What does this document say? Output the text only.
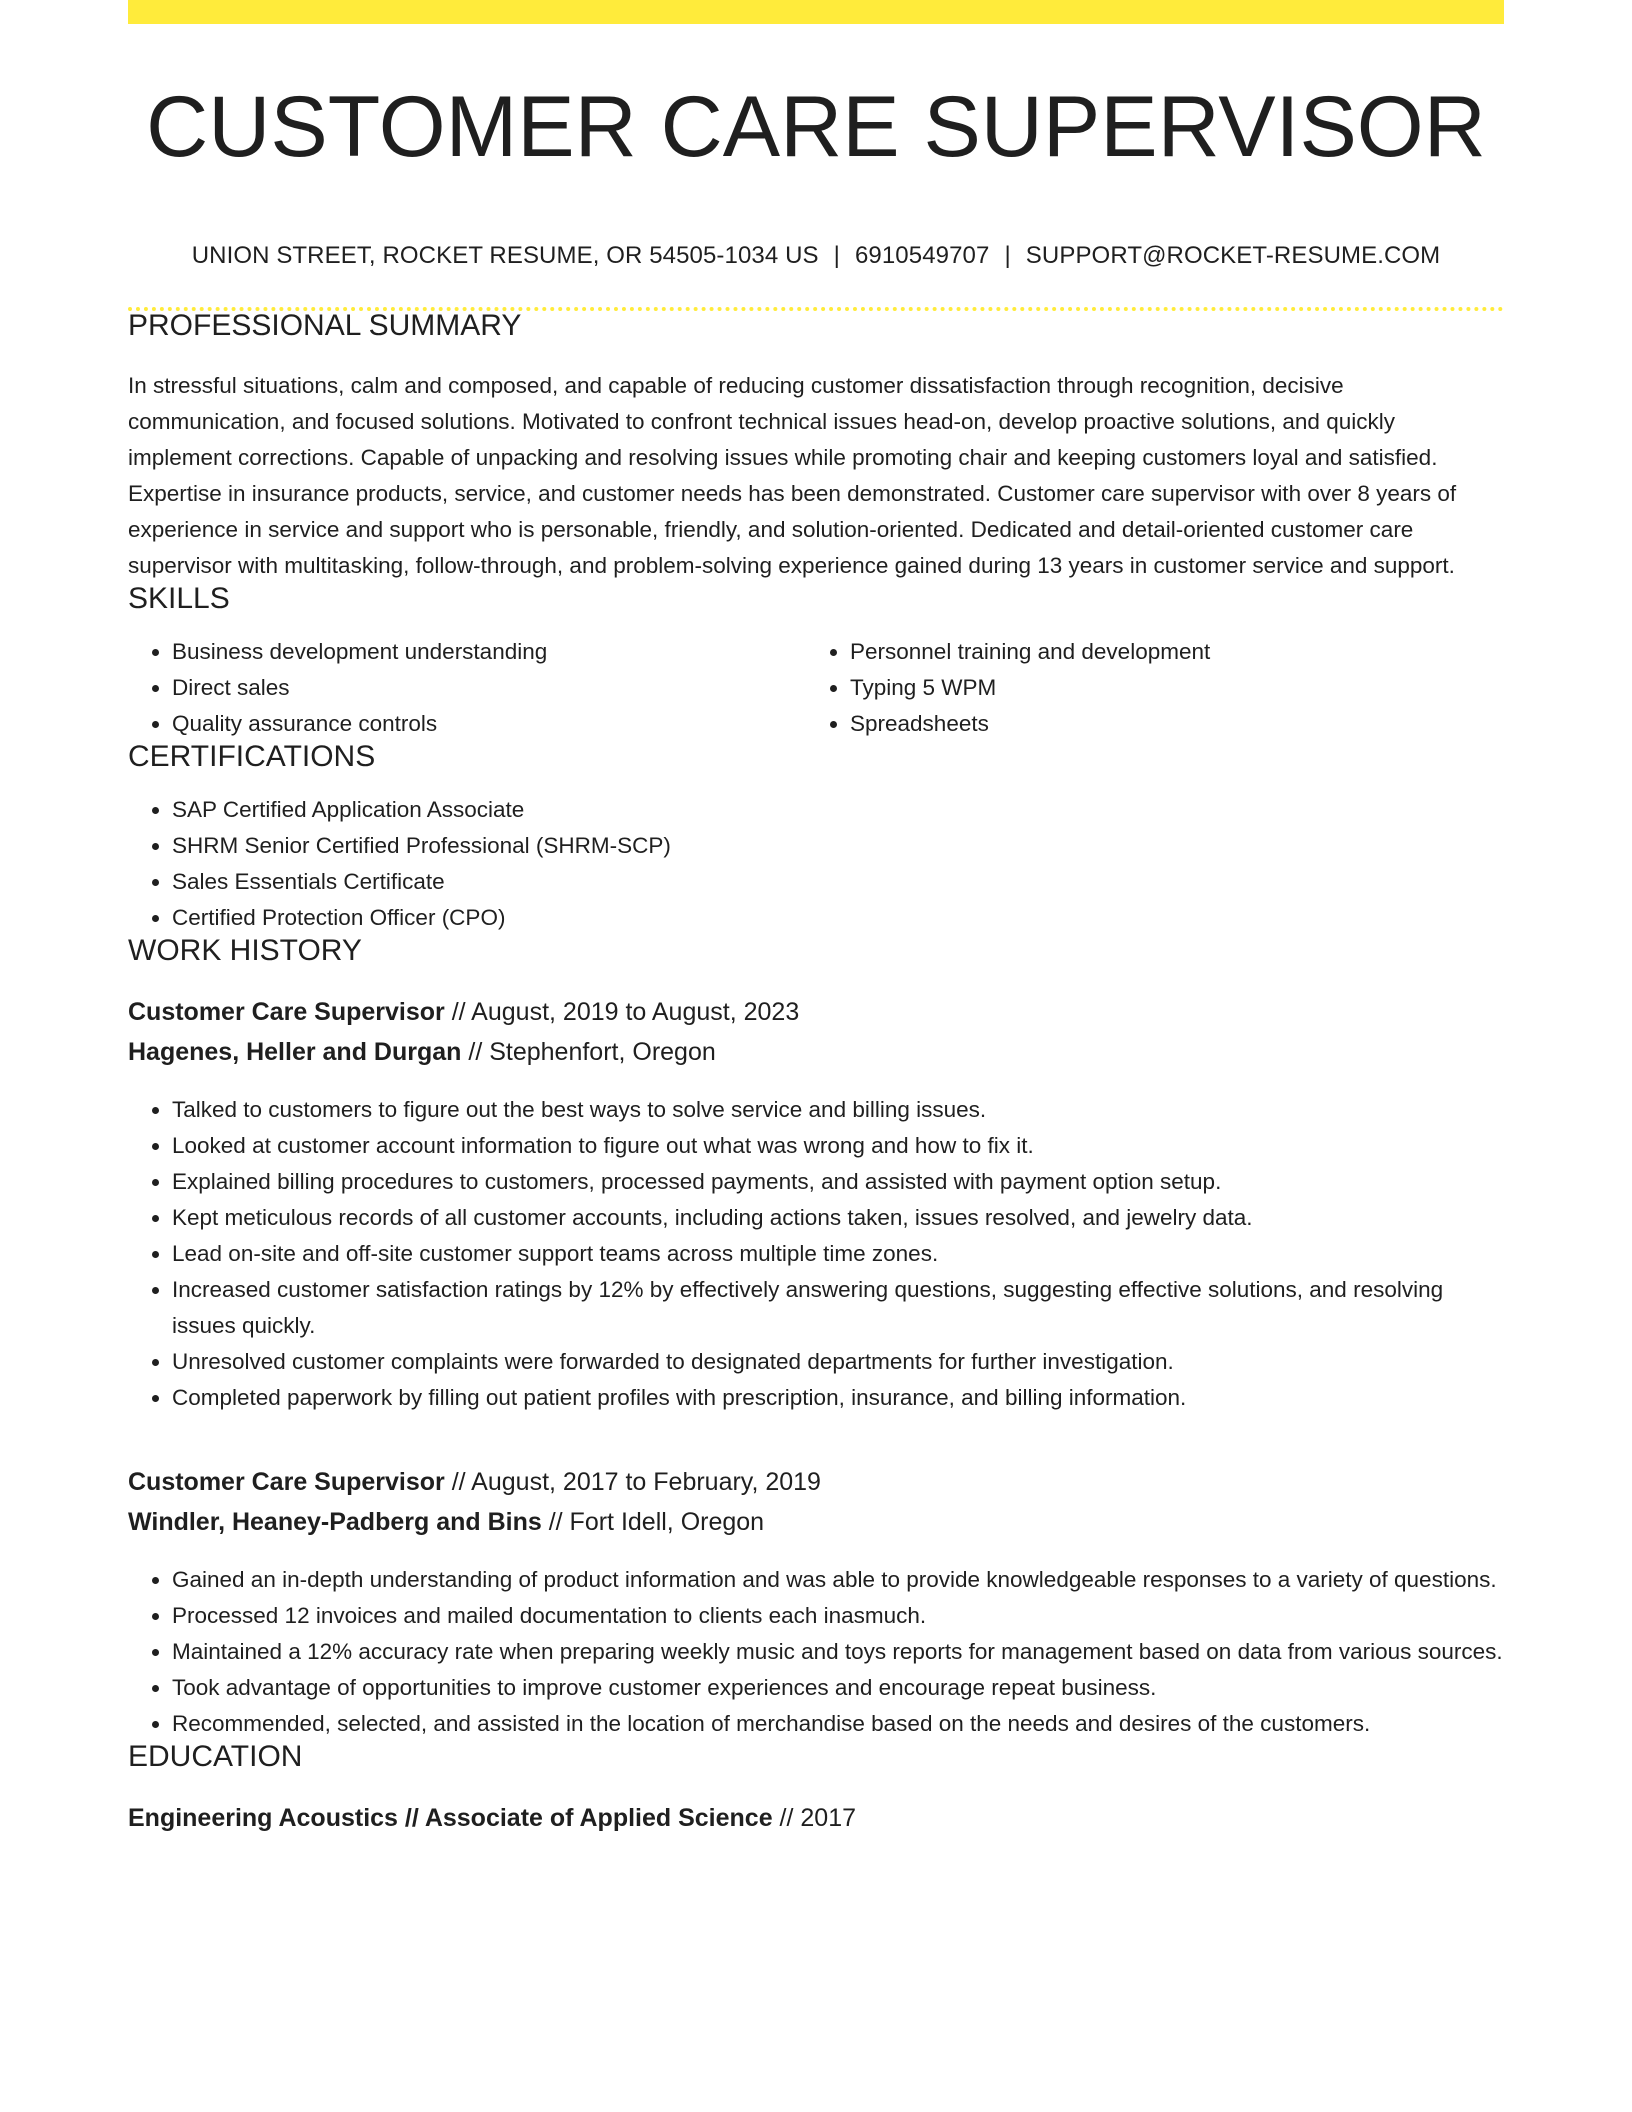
CUSTOMER CARE SUPERVISOR
UNION STREET, ROCKET RESUME, OR 54505-1034 US | 6910549707 | SUPPORT@ROCKET-RESUME.COM
PROFESSIONAL SUMMARY
In stressful situations, calm and composed, and capable of reducing customer dissatisfaction through recognition, decisive communication, and focused solutions. Motivated to confront technical issues head-on, develop proactive solutions, and quickly implement corrections. Capable of unpacking and resolving issues while promoting chair and keeping customers loyal and satisfied. Expertise in insurance products, service, and customer needs has been demonstrated. Customer care supervisor with over 8 years of experience in service and support who is personable, friendly, and solution-oriented. Dedicated and detail-oriented customer care supervisor with multitasking, follow-through, and problem-solving experience gained during 13 years in customer service and support.
SKILLS
• Business development understanding
• Direct sales
• Quality assurance controls
• Personnel training and development
• Typing 5 WPM
• Spreadsheets
CERTIFICATIONS
• SAP Certified Application Associate
• SHRM Senior Certified Professional (SHRM-SCP)
• Sales Essentials Certificate
• Certified Protection Officer (CPO)
WORK HISTORY
Customer Care Supervisor // August, 2019 to August, 2023
Hagenes, Heller and Durgan // Stephenfort, Oregon
• Talked to customers to figure out the best ways to solve service and billing issues.
• Looked at customer account information to figure out what was wrong and how to fix it.
• Explained billing procedures to customers, processed payments, and assisted with payment option setup.
• Kept meticulous records of all customer accounts, including actions taken, issues resolved, and jewelry data.
• Lead on-site and off-site customer support teams across multiple time zones.
• Increased customer satisfaction ratings by 12% by effectively answering questions, suggesting effective solutions, and resolving issues quickly.
• Unresolved customer complaints were forwarded to designated departments for further investigation.
• Completed paperwork by filling out patient profiles with prescription, insurance, and billing information.
Customer Care Supervisor // August, 2017 to February, 2019
Windler, Heaney-Padberg and Bins // Fort Idell, Oregon
• Gained an in-depth understanding of product information and was able to provide knowledgeable responses to a variety of questions.
• Processed 12 invoices and mailed documentation to clients each inasmuch.
• Maintained a 12% accuracy rate when preparing weekly music and toys reports for management based on data from various sources.
• Took advantage of opportunities to improve customer experiences and encourage repeat business.
• Recommended, selected, and assisted in the location of merchandise based on the needs and desires of the customers.
EDUCATION
Engineering Acoustics // Associate of Applied Science // 2017
